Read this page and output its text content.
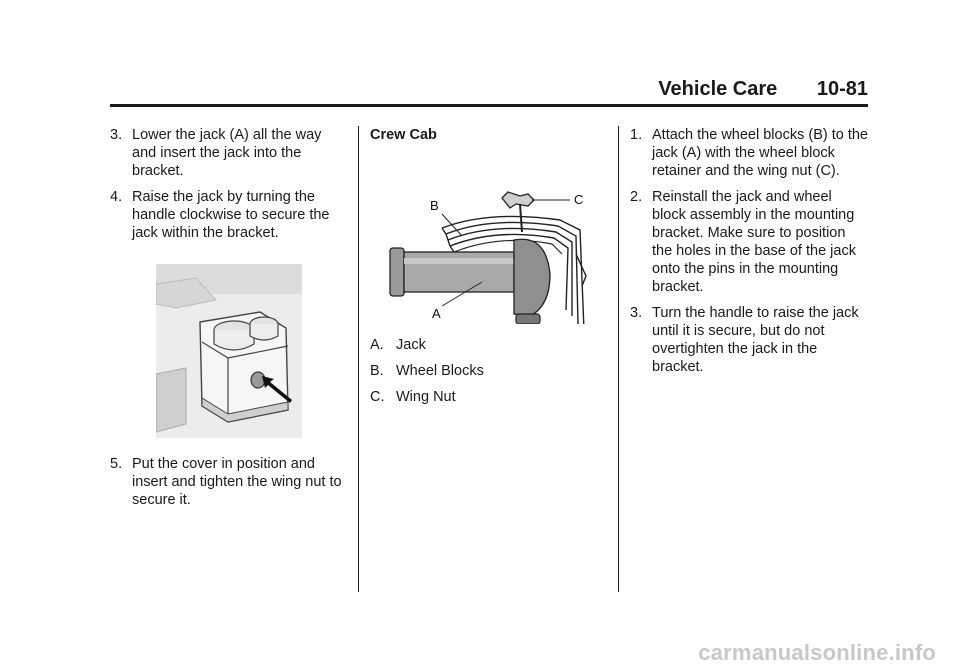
Vehicle Care 10-81
3. Lower the jack (A) all the way and insert the jack into the bracket.
4. Raise the jack by turning the handle clockwise to secure the jack within the bracket.
5. Put the cover in position and insert and tighten the wing nut to secure it.
Crew Cab
B	C
A
A. Jack
B. Wheel Blocks
C. Wing Nut
1. Attach the wheel blocks (B) to the jack (A) with the wheel block retainer and the wing nut (C).
2. Reinstall the jack and wheel block assembly in the mounting bracket. Make sure to position the holes in the base of the jack onto the pins in the mounting bracket.
3. Turn the handle to raise the jack until it is secure, but do not overtighten the jack in the bracket.
carmanualsonline.info
